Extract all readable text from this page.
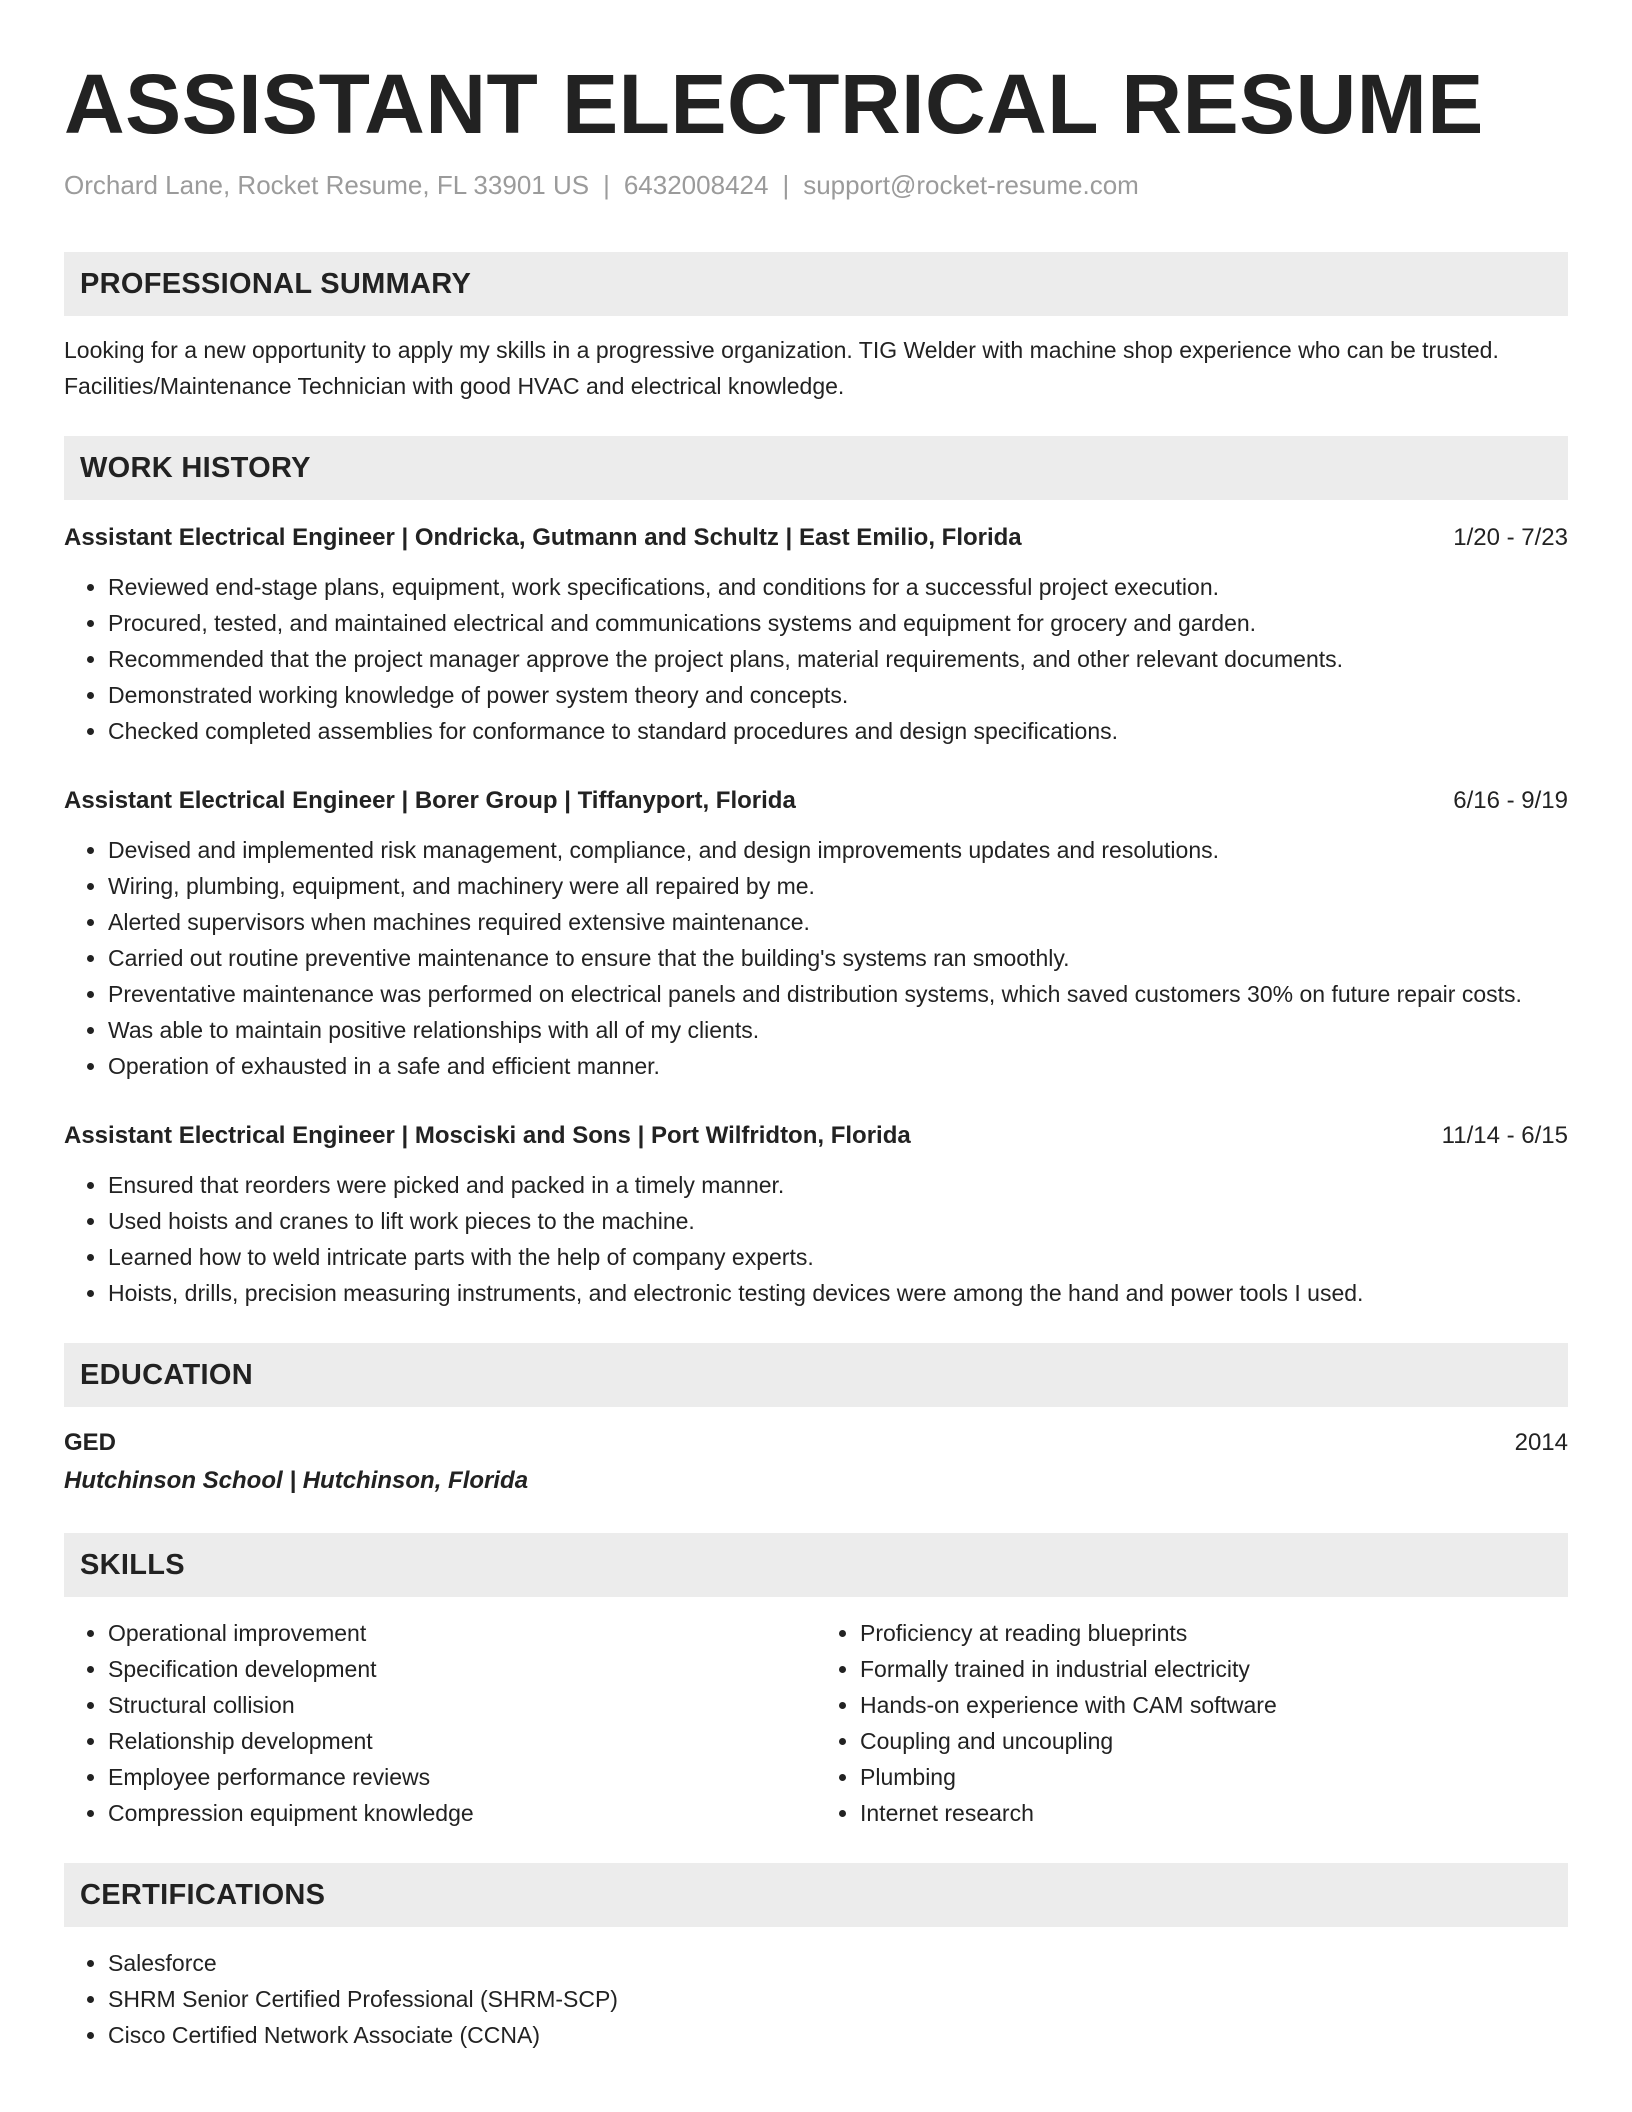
ASSISTANT ELECTRICAL RESUME
Orchard Lane, Rocket Resume, FL 33901 US | 6432008424 | support@rocket-resume.com
PROFESSIONAL SUMMARY
Looking for a new opportunity to apply my skills in a progressive organization. TIG Welder with machine shop experience who can be trusted. Facilities/Maintenance Technician with good HVAC and electrical knowledge.
WORK HISTORY
Assistant Electrical Engineer | Ondricka, Gutmann and Schultz | East Emilio, Florida	1/20 - 7/23
• Reviewed end-stage plans, equipment, work specifications, and conditions for a successful project execution.
• Procured, tested, and maintained electrical and communications systems and equipment for grocery and garden.
• Recommended that the project manager approve the project plans, material requirements, and other relevant documents.
• Demonstrated working knowledge of power system theory and concepts.
• Checked completed assemblies for conformance to standard procedures and design specifications.
Assistant Electrical Engineer | Borer Group | Tiffanyport, Florida	6/16 - 9/19
• Devised and implemented risk management, compliance, and design improvements updates and resolutions.
• Wiring, plumbing, equipment, and machinery were all repaired by me.
• Alerted supervisors when machines required extensive maintenance.
• Carried out routine preventive maintenance to ensure that the building's systems ran smoothly.
• Preventative maintenance was performed on electrical panels and distribution systems, which saved customers 30% on future repair costs.
• Was able to maintain positive relationships with all of my clients.
• Operation of exhausted in a safe and efficient manner.
Assistant Electrical Engineer | Mosciski and Sons | Port Wilfridton, Florida	11/14 - 6/15
• Ensured that reorders were picked and packed in a timely manner.
• Used hoists and cranes to lift work pieces to the machine.
• Learned how to weld intricate parts with the help of company experts.
• Hoists, drills, precision measuring instruments, and electronic testing devices were among the hand and power tools I used.
EDUCATION
GED	2014
Hutchinson School | Hutchinson, Florida
SKILLS
• Operational improvement
• Specification development
• Structural collision
• Relationship development
• Employee performance reviews
• Compression equipment knowledge
• Proficiency at reading blueprints
• Formally trained in industrial electricity
• Hands-on experience with CAM software
• Coupling and uncoupling
• Plumbing
• Internet research
CERTIFICATIONS
• Salesforce
• SHRM Senior Certified Professional (SHRM-SCP)
• Cisco Certified Network Associate (CCNA)
